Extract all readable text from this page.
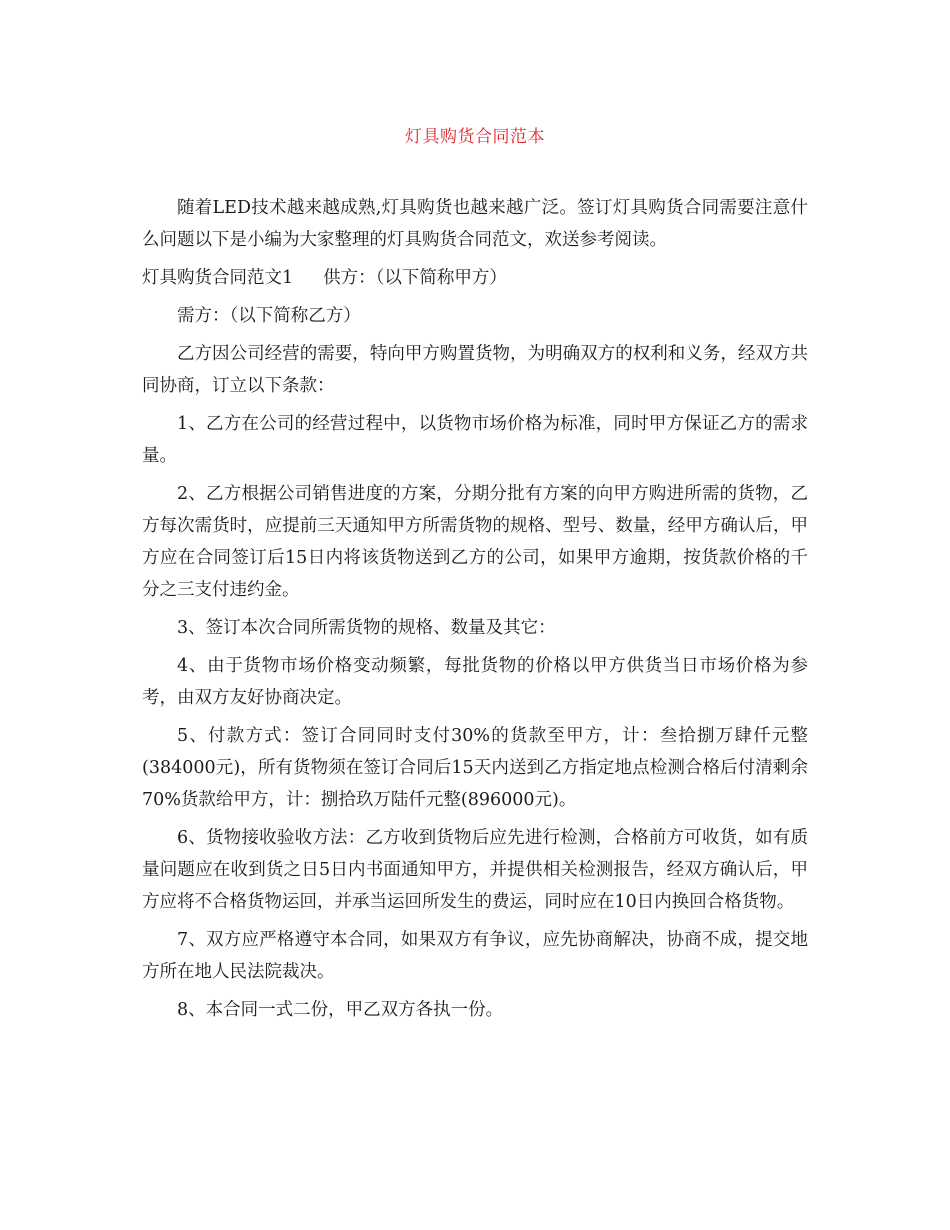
灯具购货合同范本

随着LED技术越来越成熟,灯具购货也越来越广泛。签订灯具购货合同需要注意什么问题以下是小编为大家整理的灯具购货合同范文，欢送参考阅读。

灯具购货合同范文1 供方：（以下简称甲方）

需方：（以下简称乙方）

乙方因公司经营的需要，特向甲方购置货物，为明确双方的权利和义务，经双方共同协商，订立以下条款：

1、乙方在公司的经营过程中，以货物市场价格为标准，同时甲方保证乙方的需求量。

2、乙方根据公司销售进度的方案，分期分批有方案的向甲方购进所需的货物，乙方每次需货时，应提前三天通知甲方所需货物的规格、型号、数量，经甲方确认后，甲方应在合同签订后15日内将该货物送到乙方的公司，如果甲方逾期，按货款价格的千分之三支付违约金。

3、签订本次合同所需货物的规格、数量及其它：

4、由于货物市场价格变动频繁，每批货物的价格以甲方供货当日市场价格为参考，由双方友好协商决定。

5、付款方式：签订合同同时支付30%的货款至甲方，计：叁拾捌万肆仟元整(384000元)，所有货物须在签订合同后15天内送到乙方指定地点检测合格后付清剩余70%货款给甲方，计：捌拾玖万陆仟元整(896000元)。

6、货物接收验收方法：乙方收到货物后应先进行检测，合格前方可收货，如有质量问题应在收到货之日5日内书面通知甲方，并提供相关检测报告，经双方确认后，甲方应将不合格货物运回，并承当运回所发生的费运，同时应在10日内换回合格货物。

7、双方应严格遵守本合同，如果双方有争议，应先协商解决，协商不成，提交地方所在地人民法院裁决。

8、本合同一式二份，甲乙双方各执一份。
